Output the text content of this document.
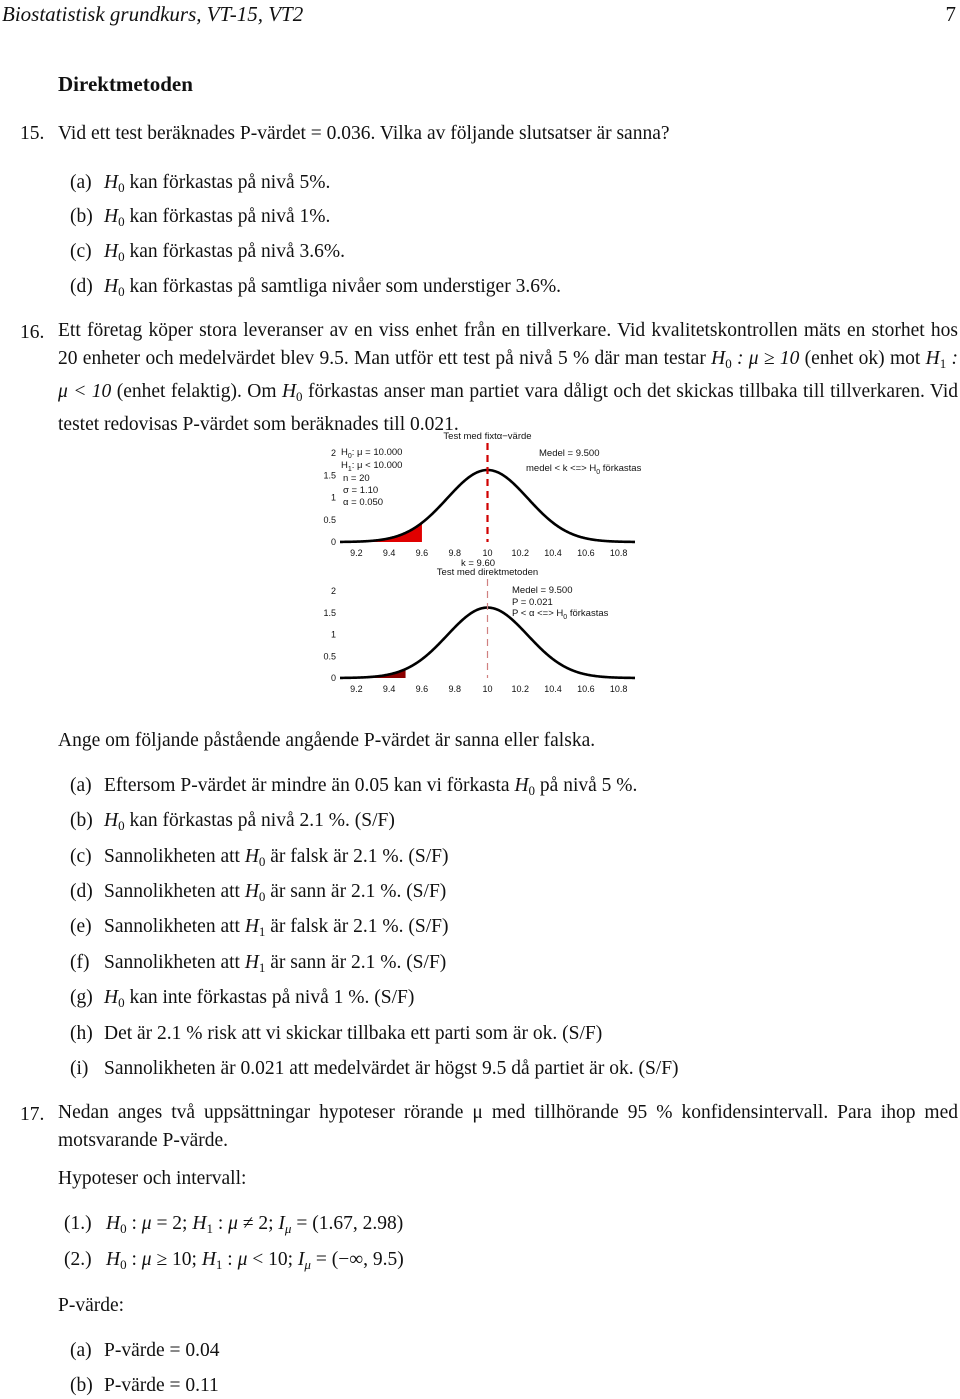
Biostatistisk grundkurs, VT-15, VT2	7
Direktmetoden
15. Vid ett test beräknades P-värdet = 0.036. Vilka av följande slutsatser är sanna?
(a) $H_0$ kan förkastas på nivå 5%.
(b) $H_0$ kan förkastas på nivå 1%.
(c) $H_0$ kan förkastas på nivå 3.6%.
(d) $H_0$ kan förkastas på samtliga nivåer som understiger 3.6%.
16. Ett företag köper stora leveranser av en viss enhet från en tillverkare. Vid kvalitetskontrollen mäts en storhet hos 20 enheter och medelvärdet blev 9.5. Man utför ett test på nivå 5 % där man testar $H_0$ : μ ≥ 10 (enhet ok) mot $H_1$ : μ < 10 (enhet felaktig). Om $H_0$ förkastas anser man partiet vara dåligt och det skickas tillbaka till tillverkaren. Vid testet redovisas P-värdet som beräknades till 0.021.
Test med fixtα−värde
0
0.5
1
1.5
2
9.2 9.4 9.6 9.8 10 10.2 10.4 10.6 10.8
Test med direktmetoden
0
0.5
1
1.5
2
9.2 9.4 9.6 9.8 10 10.2 10.4 10.6 10.8
$H_0$: μ = 10.000
$H_1$: μ < 10.000
n = 20
σ = 1.10
α = 0.050
Medel = 9.500
medel < k <=> $H_0$ förkastas
k = 9.60
Medel = 9.500
P = 0.021
P < α <=> $H_0$ förkastas
Ange om följande påstående angående P-värdet är sanna eller falska.
(a) Eftersom P-värdet är mindre än 0.05 kan vi förkasta $H_0$ på nivå 5 %.
(b) $H_0$ kan förkastas på nivå 2.1 %. (S/F)
(c) Sannolikheten att $H_0$ är falsk är 2.1 %. (S/F)
(d) Sannolikheten att $H_0$ är sann är 2.1 %. (S/F)
(e) Sannolikheten att $H_1$ är falsk är 2.1 %. (S/F)
(f) Sannolikheten att $H_1$ är sann är 2.1 %. (S/F)
(g) $H_0$ kan inte förkastas på nivå 1 %. (S/F)
(h) Det är 2.1 % risk att vi skickar tillbaka ett parti som är ok. (S/F)
(i) Sannolikheten är 0.021 att medelvärdet är högst 9.5 då partiet är ok. (S/F)
17. Nedan anges två uppsättningar hypoteser rörande μ med tillhörande 95 % konfidensintervall. Para ihop med motsvarande P-värde.
Hypoteser och intervall:
(1.) $H_0$ : μ = 2; $H_1$ : μ ≠ 2; $I_\mu = (1.67$, 2.98)
(2.) $H_0$ : μ ≥ 10; $H_1$ : μ < 10; $I_\mu$ = (−∞, 9.5)
P-värde:
(a) P-värde = 0.04
(b) P-värde = 0.11
